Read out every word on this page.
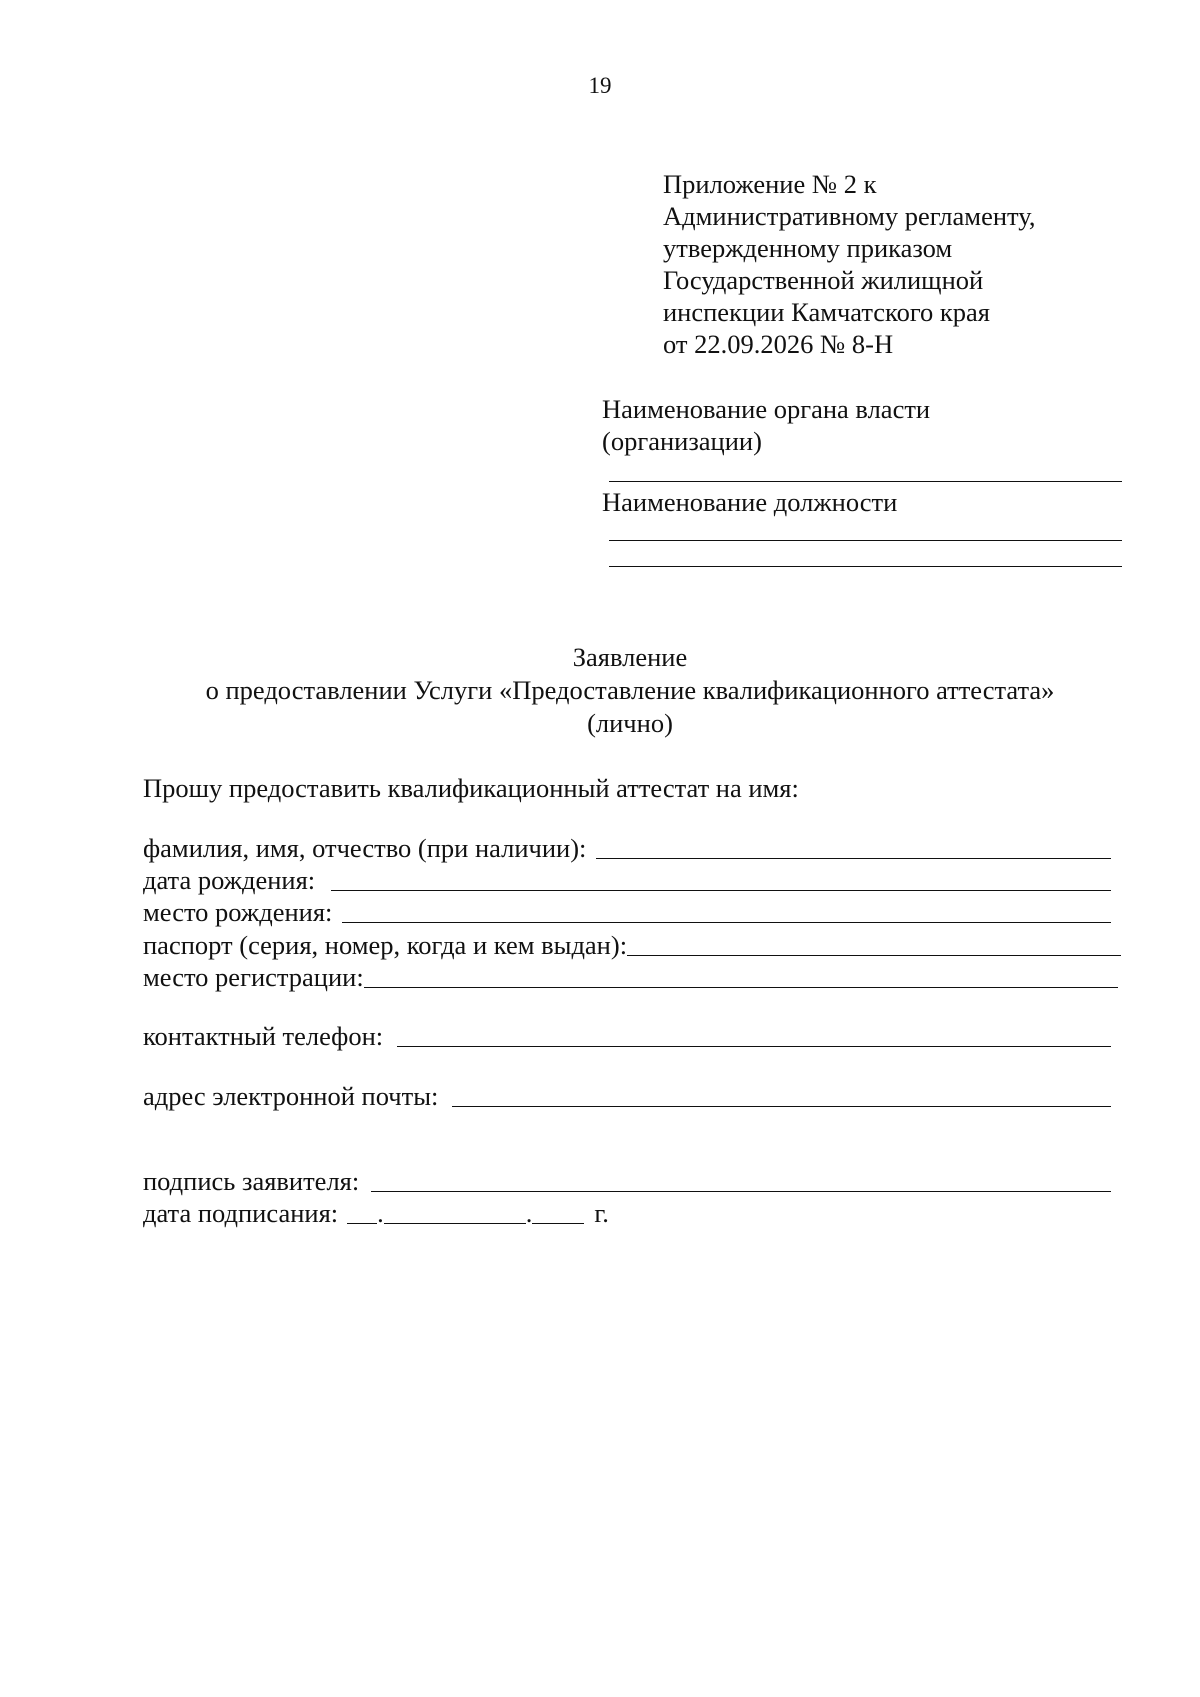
19
Приложение № 2 к
Административному регламенту,
утвержденному приказом
Государственной жилищной
инспекции Камчатского края
от 22.09.2026 № 8-Н
Наименование органа власти
(организации)
Наименование должности
Заявление
о предоставлении Услуги «Предоставление квалификационного аттестата»
(лично)
Прошу предоставить квалификационный аттестат на имя:
фамилия, имя, отчество (при наличии):
дата рождения:
место рождения:
паспорт (серия, номер, когда и кем выдан):
место регистрации:
контактный телефон:
адрес электронной почты:
подпись заявителя:
дата подписания: .	. г.
